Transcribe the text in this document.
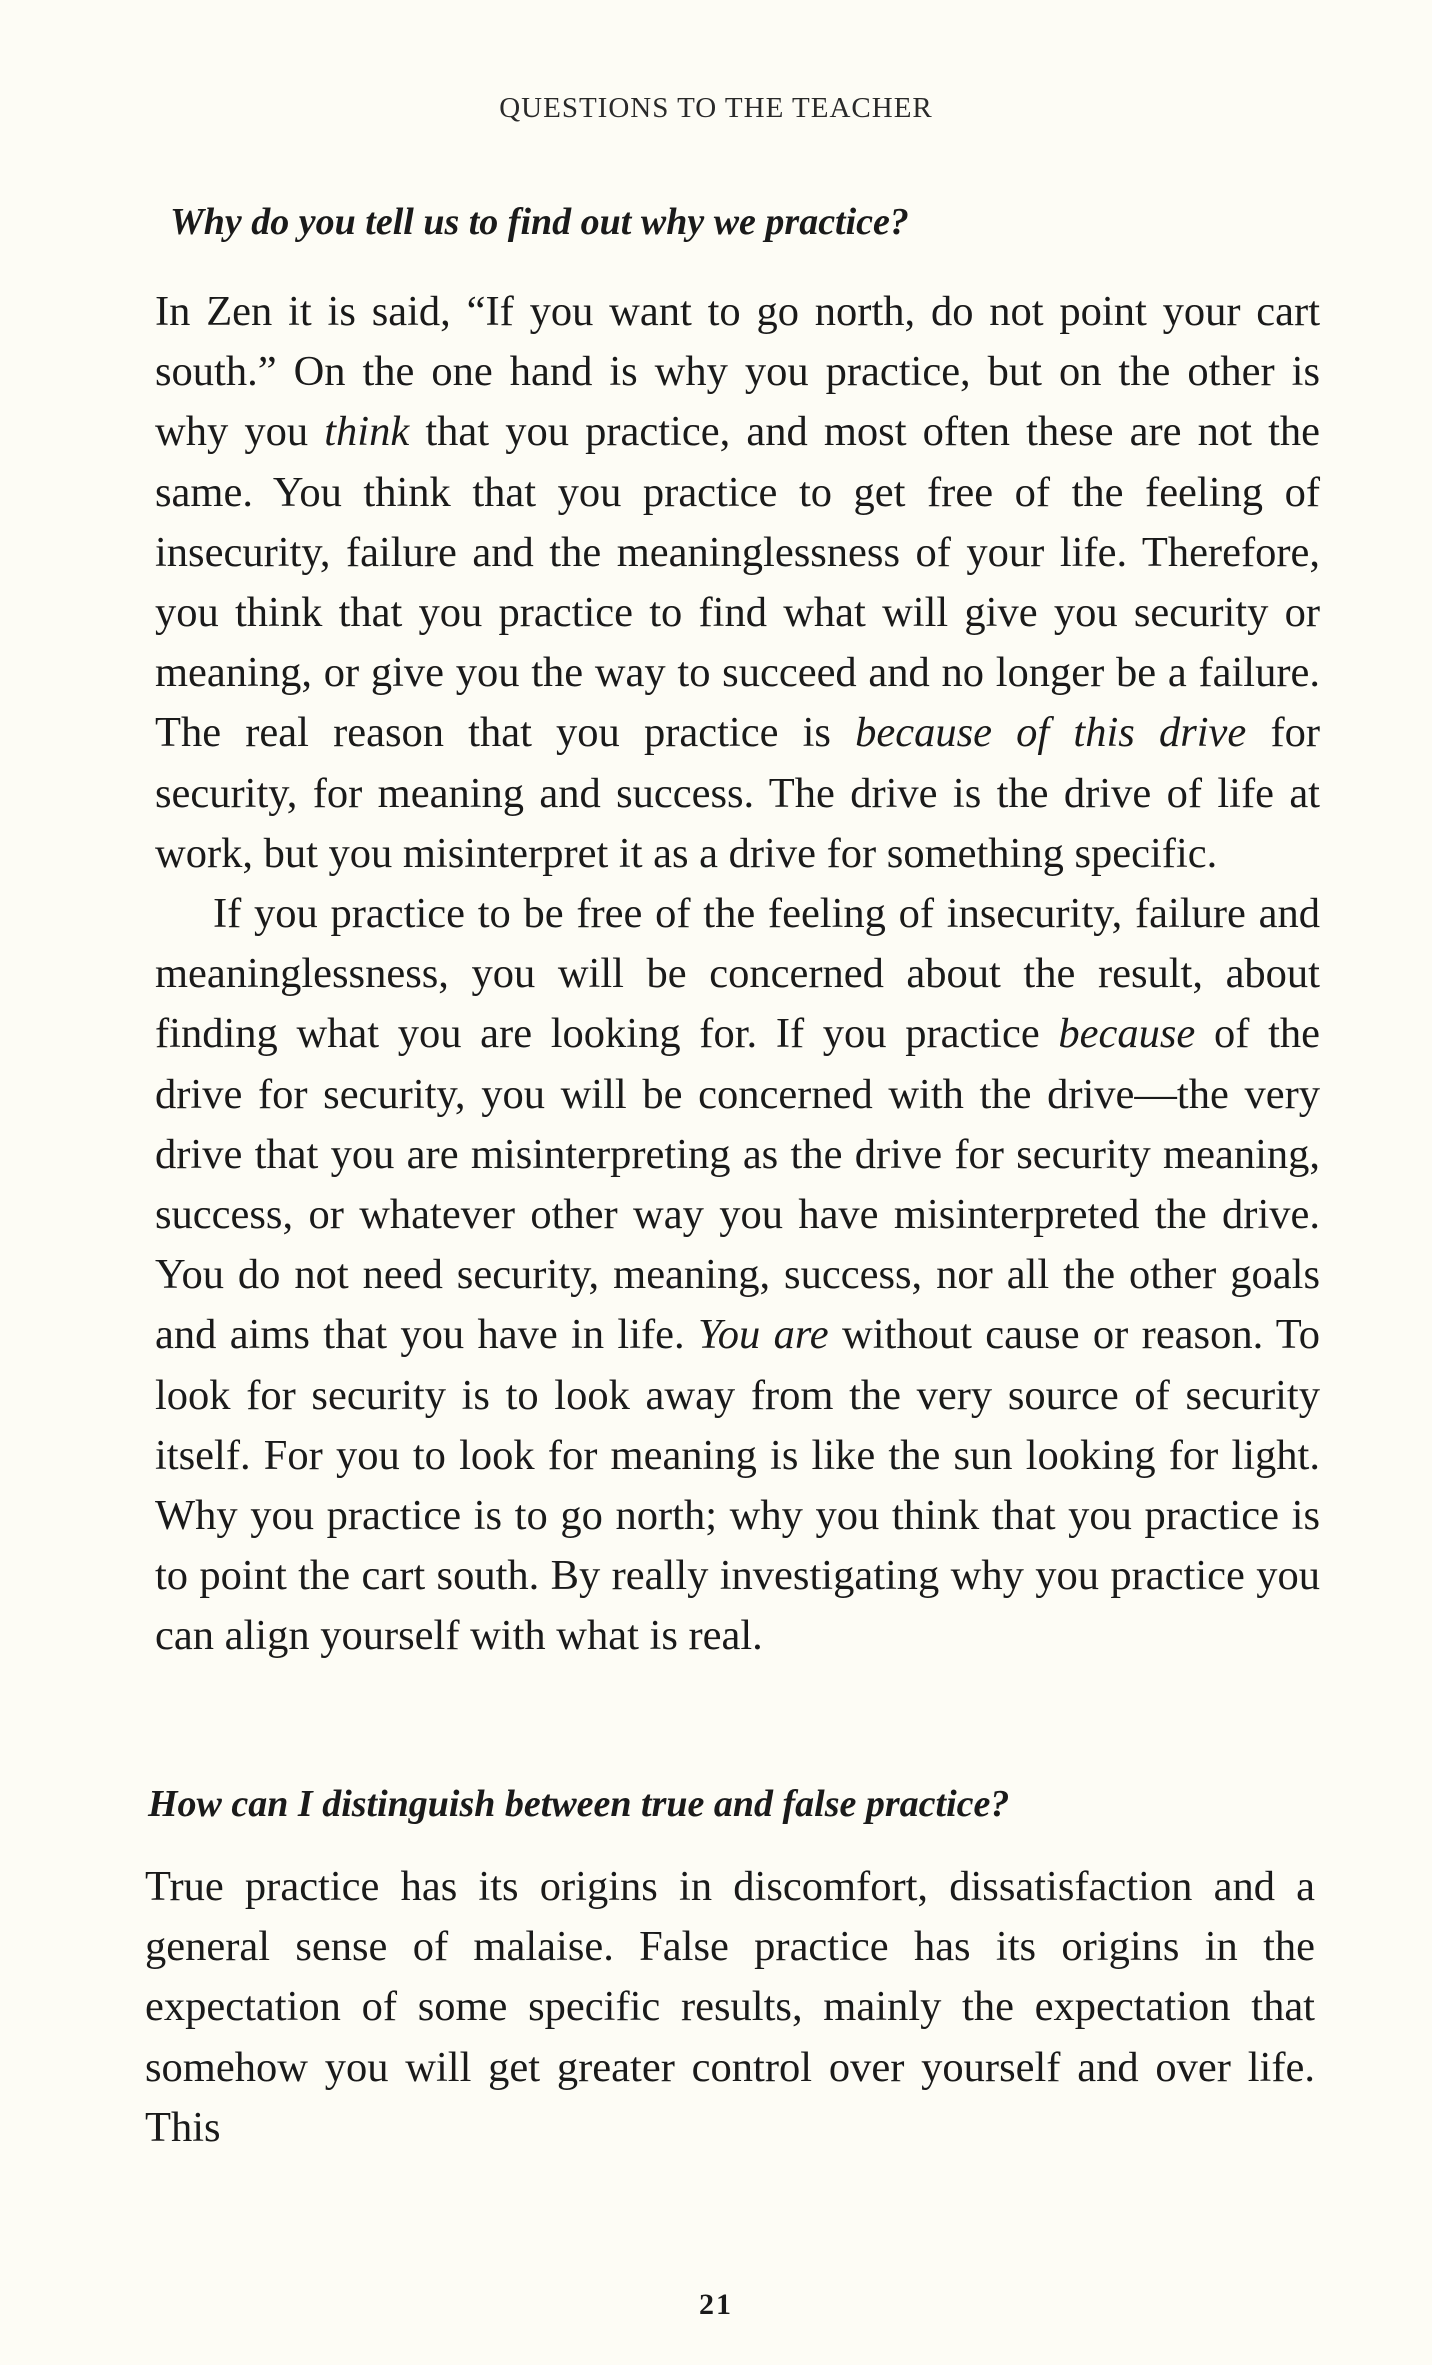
QUESTIONS TO THE TEACHER
Why do you tell us to find out why we practice?

In Zen it is said, “If you want to go north, do not point your cart south.” On the one hand is why you practice, but on the other is why you think that you practice, and most often these are not the same. You think that you practice to get free of the feeling of insecurity, failure and the meaninglessness of your life. Therefore, you think that you practice to find what will give you security or meaning, or give you the way to succeed and no longer be a failure. The real reason that you practice is because of this drive for security, for meaning and success. The drive is the drive of life at work, but you misinterpret it as a drive for something specific.

If you practice to be free of the feeling of insecurity, failure and meaninglessness, you will be concerned about the result, about finding what you are looking for. If you practice because of the drive for security, you will be concerned with the drive—the very drive that you are misinterpreting as the drive for security meaning, success, or whatever other way you have misinterpreted the drive. You do not need security, meaning, success, nor all the other goals and aims that you have in life. You are without cause or reason. To look for security is to look away from the very source of security itself. For you to look for meaning is like the sun looking for light. Why you practice is to go north; why you think that you practice is to point the cart south. By really investigating why you practice you can align yourself with what is real.

How can I distinguish between true and false practice?

True practice has its origins in discomfort, dissatisfaction and a general sense of malaise. False practice has its origins in the expectation of some specific results, mainly the expectation that somehow you will get greater control over yourself and over life. This

21
